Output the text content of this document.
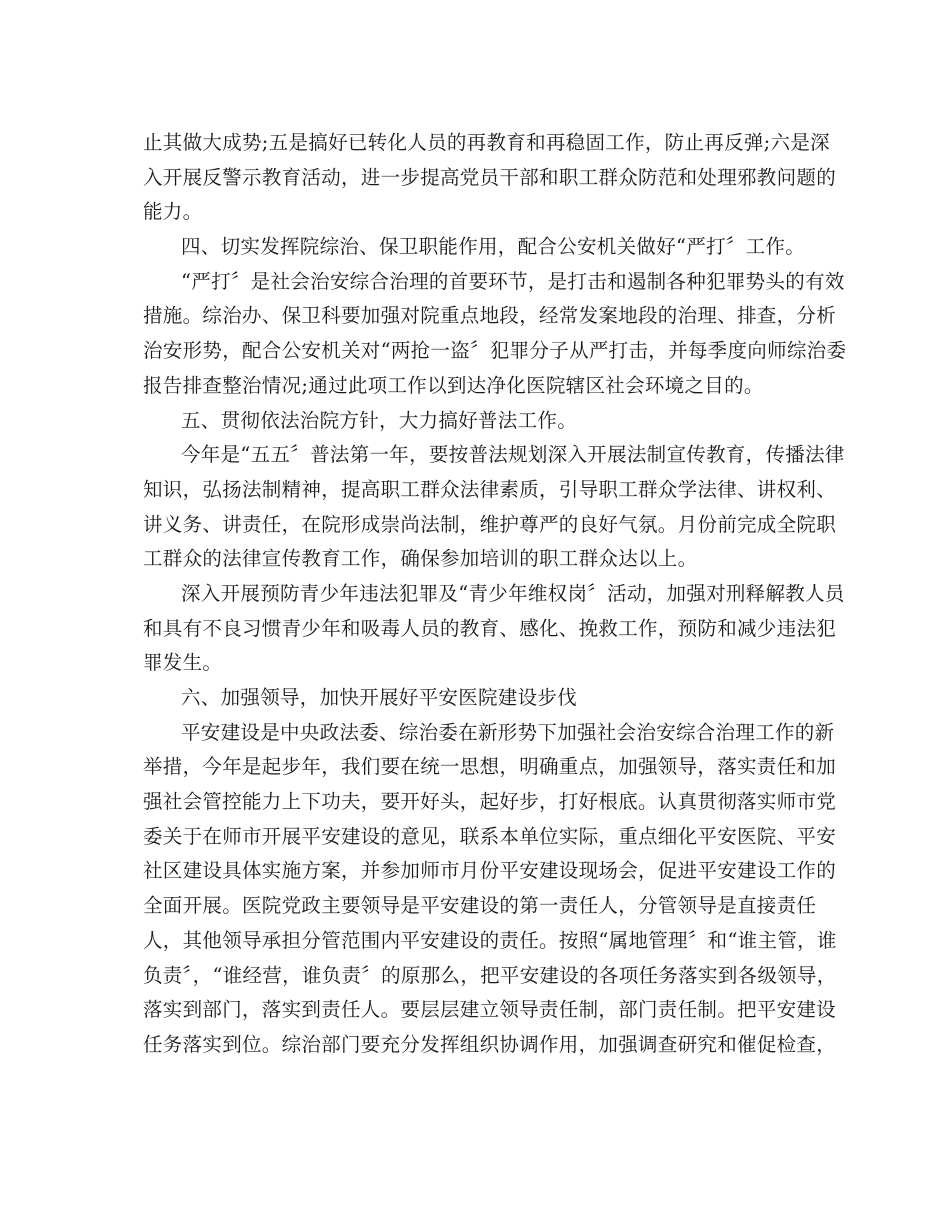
止其做大成势;五是搞好已转化人员的再教育和再稳固工作，防止再反弹;六是深
入开展反警示教育活动，进一步提高党员干部和职工群众防范和处理邪教问题的
能力。
四、切实发挥院综治、保卫职能作用，配合公安机关做好“严打〞工作。
“严打〞是社会治安综合治理的首要环节，是打击和遏制各种犯罪势头的有效
措施。综治办、保卫科要加强对院重点地段，经常发案地段的治理、排查，分析
治安形势，配合公安机关对“两抢一盗〞犯罪分子从严打击，并每季度向师综治委
报告排查整治情况;通过此项工作以到达净化医院辖区社会环境之目的。
五、贯彻依法治院方针，大力搞好普法工作。
今年是“五五〞普法第一年，要按普法规划深入开展法制宣传教育，传播法律
知识，弘扬法制精神，提高职工群众法律素质，引导职工群众学法律、讲权利、
讲义务、讲责任，在院形成崇尚法制，维护尊严的良好气氛。月份前完成全院职
工群众的法律宣传教育工作，确保参加培训的职工群众达以上。
深入开展预防青少年违法犯罪及“青少年维权岗〞活动，加强对刑释解教人员
和具有不良习惯青少年和吸毒人员的教育、感化、挽救工作，预防和减少违法犯
罪发生。
六、加强领导，加快开展好平安医院建设步伐
平安建设是中央政法委、综治委在新形势下加强社会治安综合治理工作的新
举措，今年是起步年，我们要在统一思想，明确重点，加强领导，落实责任和加
强社会管控能力上下功夫，要开好头，起好步，打好根底。认真贯彻落实师市党
委关于在师市开展平安建设的意见，联系本单位实际，重点细化平安医院、平安
社区建设具体实施方案，并参加师市月份平安建设现场会，促进平安建设工作的
全面开展。医院党政主要领导是平安建设的第一责任人，分管领导是直接责任
人，其他领导承担分管范围内平安建设的责任。按照“属地管理〞和“谁主管，谁
负责〞，“谁经营，谁负责〞的原那么，把平安建设的各项任务落实到各级领导，
落实到部门，落实到责任人。要层层建立领导责任制，部门责任制。把平安建设
任务落实到位。综治部门要充分发挥组织协调作用，加强调查研究和催促检查，
